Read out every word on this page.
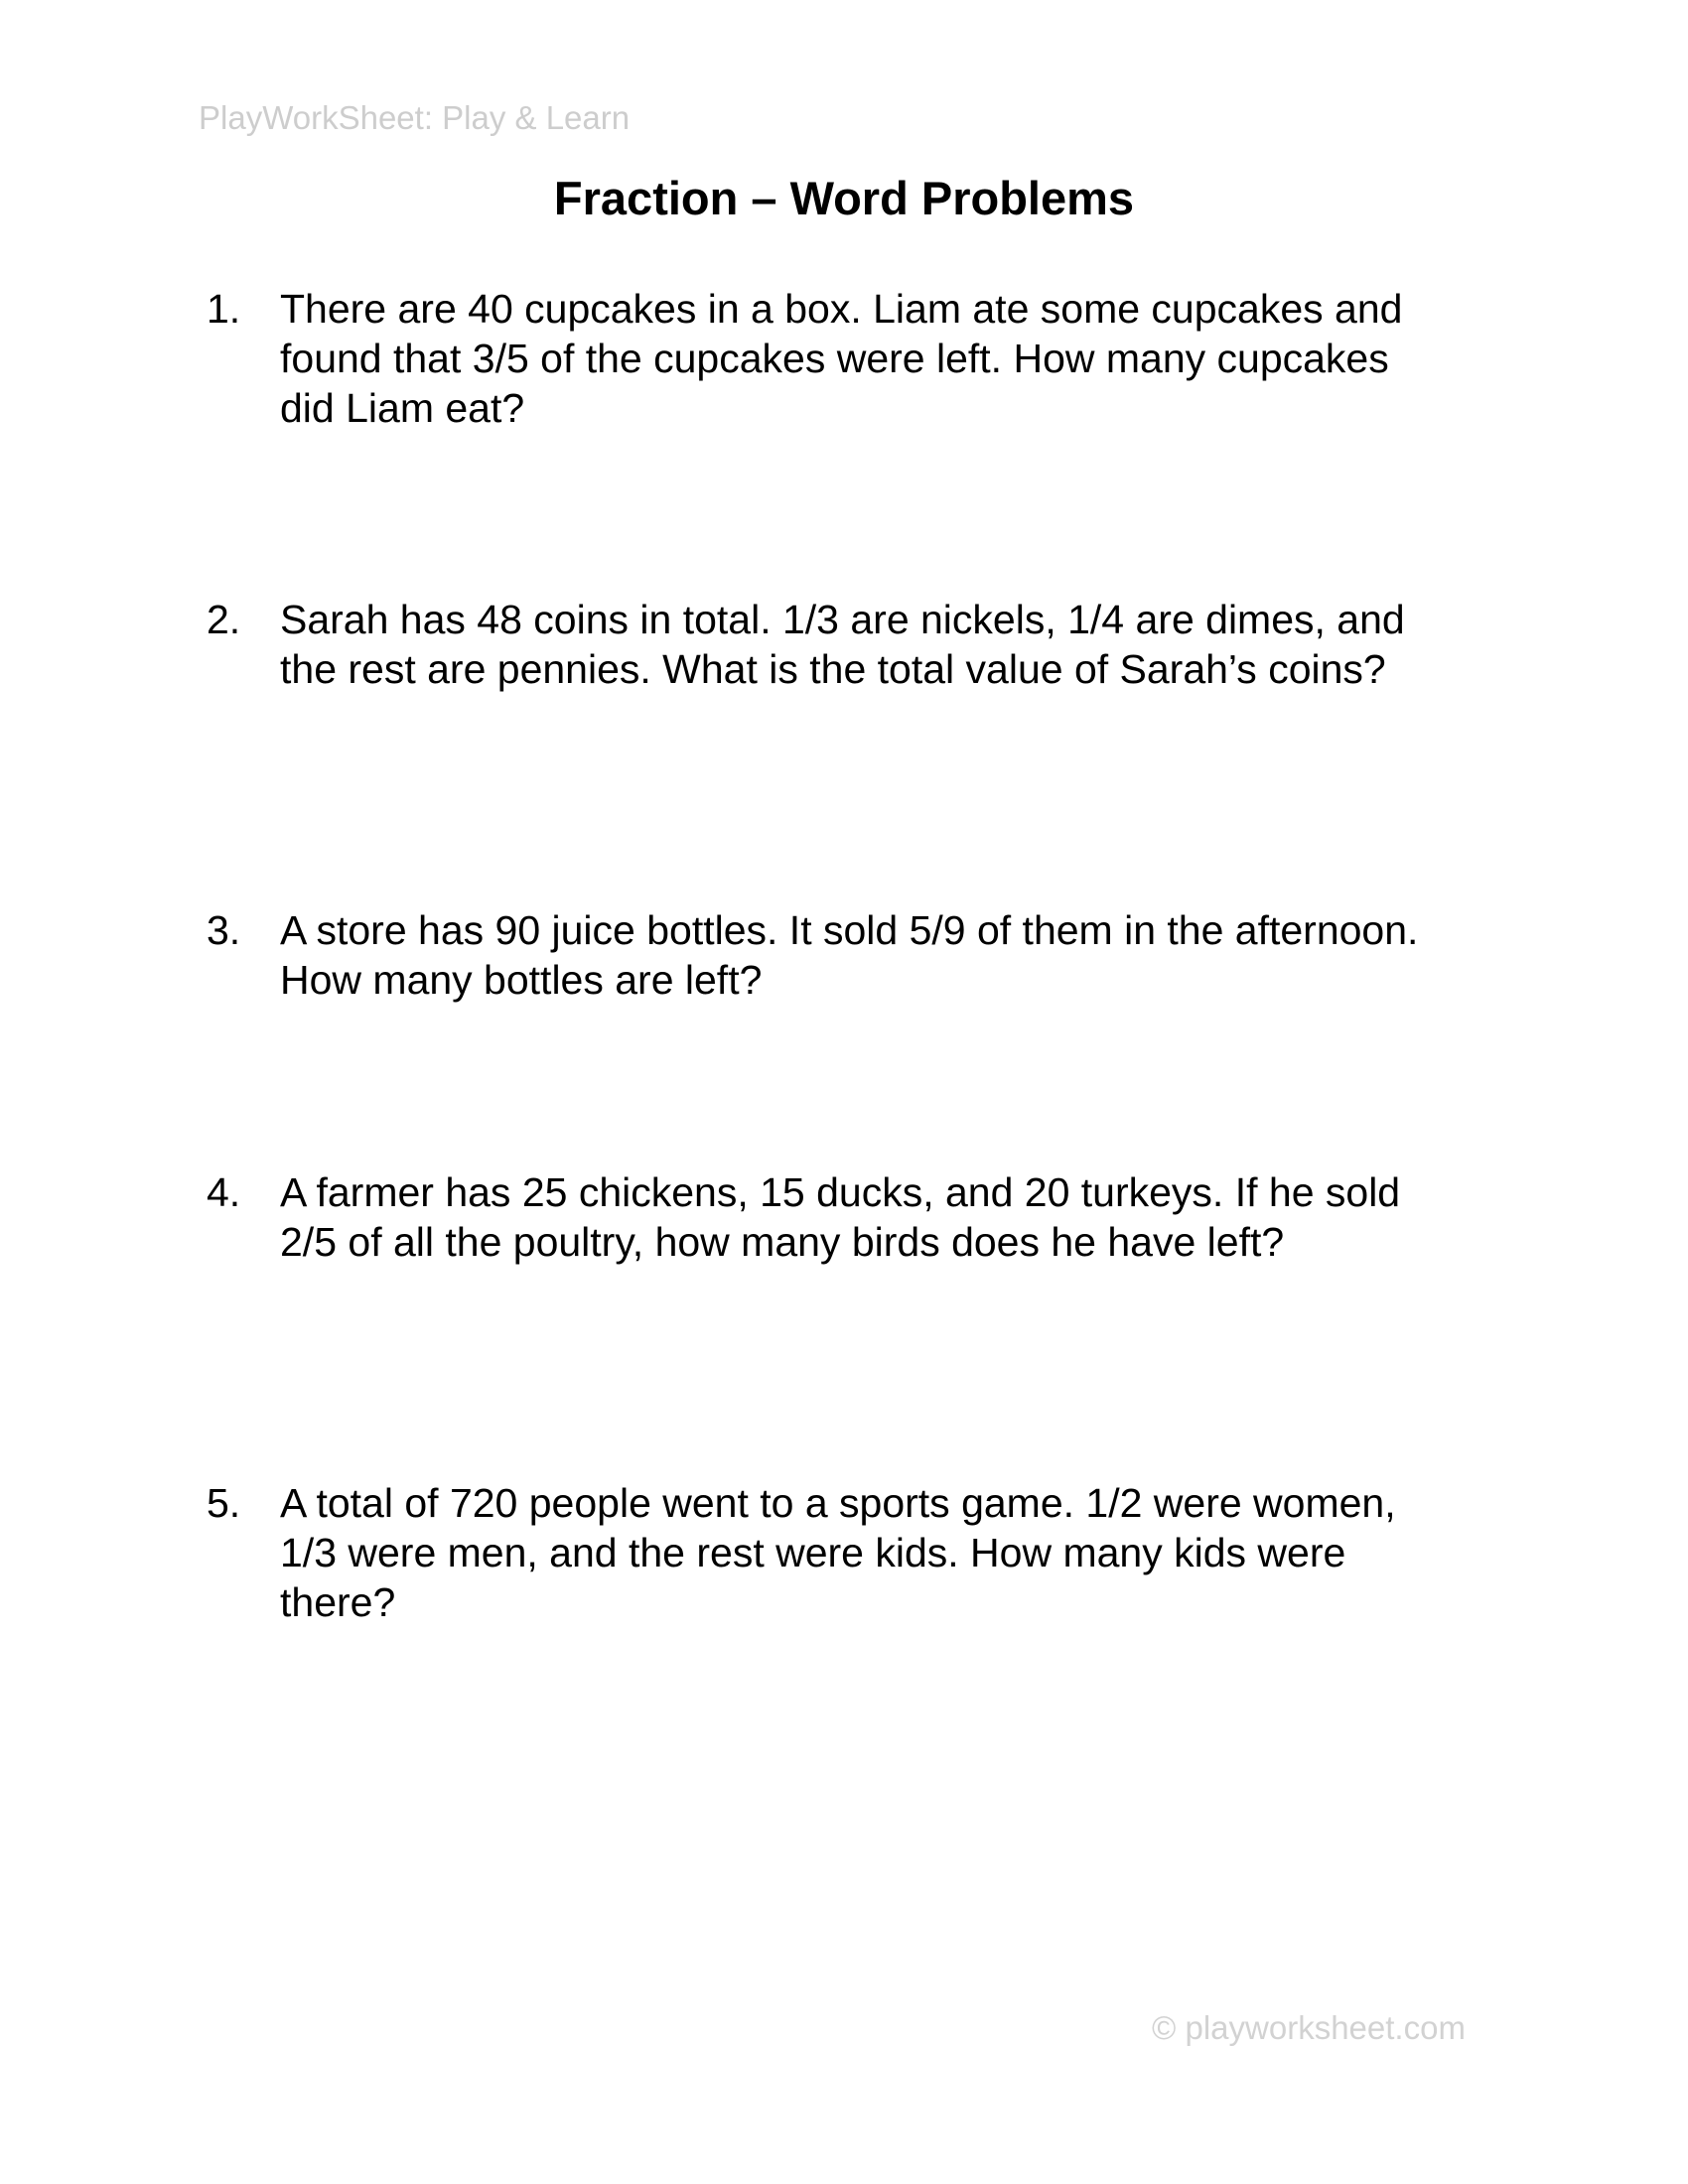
PlayWorkSheet: Play & Learn
Fraction – Word Problems
1. There are 40 cupcakes in a box. Liam ate some cupcakes and found that 3/5 of the cupcakes were left. How many cupcakes did Liam eat?
2. Sarah has 48 coins in total. 1/3 are nickels, 1/4 are dimes, and the rest are pennies. What is the total value of Sarah’s coins?
3. A store has 90 juice bottles. It sold 5/9 of them in the afternoon. How many bottles are left?
4. A farmer has 25 chickens, 15 ducks, and 20 turkeys. If he sold 2/5 of all the poultry, how many birds does he have left?
5. A total of 720 people went to a sports game. 1/2 were women, 1/3 were men, and the rest were kids. How many kids were there?
© playworksheet.com
